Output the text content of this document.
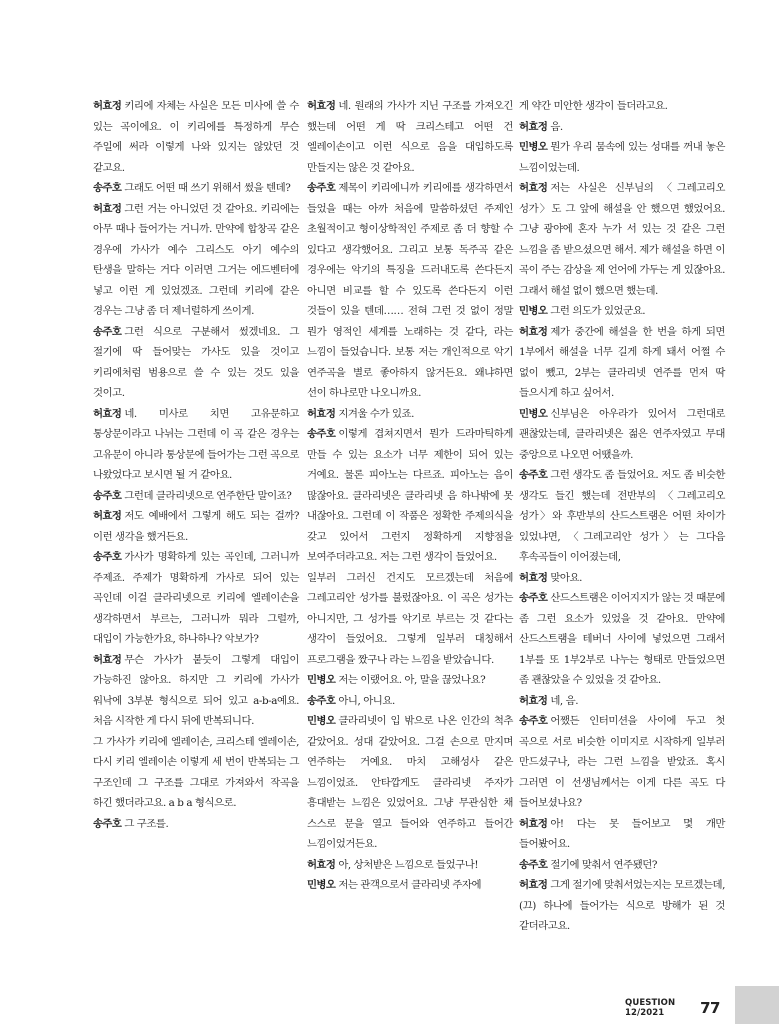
허효정 키리에 자체는 사실은 모든 미사에 쓸 수 있는 곡이에요. 이 키리에를 특정하게 무슨 주일에 써라 이렇게 나와 있지는 않았던 것 같고요.

송주호 그래도 어떤 때 쓰기 위해서 썼을 텐데?

허효정 그런 거는 아니었던 것 같아요. 키리에는 아무 때나 들어가는 거니까. 만약에 합창곡 같은 경우에 가사가 예수 그리스도 아기 예수의 탄생을 말하는 거다 이러면 그거는 에드벤터에 넣고 이런 게 있었겠죠. 그런데 키리에 같은 경우는 그냥 좀 더 제너럴하게 쓰이게.

송주호 그런 식으로 구분해서 썼겠네요. 그 절기에 딱 들어맞는 가사도 있을 것이고 키리에처럼 범용으로 쓸 수 있는 것도 있을 것이고.

허효정 네. 미사로 치면 고유문하고 통상문이라고 나뉘는 그런데 이 곡 같은 경우는 고유문이 아니라 통상문에 들어가는 그런 곡으로 나왔었다고 보시면 될 거 같아요.

송주호 그런데 클라리넷으로 연주한단 말이죠?

허효정 저도 예배에서 그렇게 해도 되는 걸까? 이런 생각을 했거든요.

송주호 가사가 명확하게 있는 곡인데, 그러니까 주제죠. 주제가 명확하게 가사로 되어 있는 곡인데 이걸 클라리넷으로 키리에 엘레이손을 생각하면서 부르는, 그러니까 뭐라 그럴까, 대입이 가능한가요, 하나하나? 악보가?

허효정 무슨 가사가 붙듯이 그렇게 대입이 가능하진 않아요. 하지만 그 키리에 가사가 워낙에 3부분 형식으로 되어 있고 a-b-a예요. 처음 시작한 게 다시 뒤에 반복되니다.

그 가사가 키리에 엘레이손, 크리스테 엘레이손, 다시 키리 엘레이손 이렇게 세 번이 반복되는 그 구조인데 그 구조를 그대로 가져와서 작곡을 하긴 했더라고요. a b a 형식으로.

송주호 그 구조를.

허효정 네. 원래의 가사가 지닌 구조를 가져오긴 했는데 어떤 게 딱 크리스테고 어떤 건 엘레이손이고 이런 식으로 음을 대입하도록 만들지는 않은 것 같아요.

송주호 제목이 키리에니까 키리에를 생각하면서 들었을 때는 아까 처음에 말씀하셨던 주제인 초월적이고 형이상학적인 주제로 좀 더 향할 수 있다고 생각했어요. 그리고 보통 독주곡 같은 경우에는 악기의 특징을 드러내도록 쓴다든지 아니면 비교를 할 수 있도록 쓴다든지 이런 것들이 있을 텐데…… 전혀 그런 것 없이 정말 뭔가 영적인 세계를 노래하는 것 같다, 라는 느낌이 들었습니다. 보통 저는 개인적으로 악기 연주곡을 별로 좋아하지 않거든요. 왜냐하면 선이 하나로만 나오니까요.

허효정 지겨울 수가 있죠.

송주호 이렇게 겹쳐지면서 뭔가 드라마틱하게 만들 수 있는 요소가 너무 제한이 되어 있는 거예요. 물론 피아노는 다르죠. 피아노는 음이 많잖아요. 클라리넷은 클라리넷 음 하나밖에 못 내잖아요. 그런데 이 작품은 정확한 주제의식을 갖고 있어서 그런지 정확하게 지향점을 보여주더라고요. 저는 그런 생각이 들었어요.

일부러 그러신 건지도 모르겠는데 처음에 그레고리안 성가를 불렀잖아요. 이 곡은 성가는 아니지만, 그 성가를 악기로 부르는 것 같다는 생각이 들었어요. 그렇게 일부러 대칭해서 프로그램을 짰구나 라는 느낌을 받았습니다.

민병오 저는 이랬어요. 아, 말을 끊었나요?

송주호 아니, 아니요.

민병오 클라리넷이 입 밖으로 나온 인간의 척추 같았어요. 성대 같았어요. 그걸 손으로 만지며 연주하는 거예요. 마치 고해성사 같은 느낌이었죠. 안타깝게도 클라리넷 주자가 흥대받는 느낌은 있었어요. 그냥 무관심한 채 스스로 문을 열고 들어와 연주하고 들어간 느낌이었거든요.

허효정 아, 상처받은 느낌으로 들었구나!

민병오 저는 관객으로서 클라리넷 주자에

게 약간 미안한 생각이 들더라고요.

허효정 음.

민병오 뭔가 우리 뭄속에 있는 성대를 꺼내 놓은 느낌이었는데.

허효정 저는 사실은 신부님의 〈그레고리오 성가〉도 그 앞에 해설을 안 했으면 했었어요. 그냥 광야에 혼자 누가 서 있는 것 같은 그런 느낌을 좀 받으셨으면 해서. 제가 해설을 하면 이 곡이 주는 감상을 제 언어에 가두는 게 있잖아요. 그래서 해설 없이 했으면 했는데.

민병오 그런 의도가 있었군요.

허효정 제가 중간에 해설을 한 번을 하게 되면 1부에서 해설을 너무 길게 하게 돼서 어쩔 수 없이 뺐고, 2부는 클라리넷 연주를 먼저 딱 들으시게 하고 싶어서.

민병오 신부님은 아우라가 있어서 그런대로 괜찮았는데, 클라리넷은 젊은 연주자였고 무대 중앙으로 나오면 어땠을까.

송주호 그런 생각도 좀 들었어요. 저도 좀 비슷한 생각도 들긴 했는데 전반부의 〈그레고리오 성가〉와 후반부의 산드스트램은 어떤 차이가 있었냐면, 〈그레고리안 성가〉는 그다음 후속곡들이 이어졌는데,

허효정 맞아요.

송주호 산드스트램은 이어지지가 않는 것 때문에 좀 그런 요소가 있었을 것 같아요. 만약에 산드스트램을 테버너 사이에 넣었으면 그래서 1부를 또 1부2부로 나누는 형태로 만들었으면 좀 괜찮았을 수 있었을 것 같아요.

허효정 네, 음.

송주호 어쨌든 인터미션을 사이에 두고 첫 곡으로 서로 비슷한 이미지로 시작하게 일부러 만드셨구나, 라는 그런 느낌을 받았죠. 혹시 그러면 이 선생님께서는 이게 다른 곡도 다 들어보셨나요?

허효정 아! 다는 못 들어보고 몇 개만 들어봤어요.

송주호 절기에 맞춰서 연주됐던?

허효정 그게 절기에 맞춰서었는지는 모르겠는데, (끄) 하나에 들어가는 식으로 방해가 된 것 같더라고요.

QUESTION 12/2021	77
